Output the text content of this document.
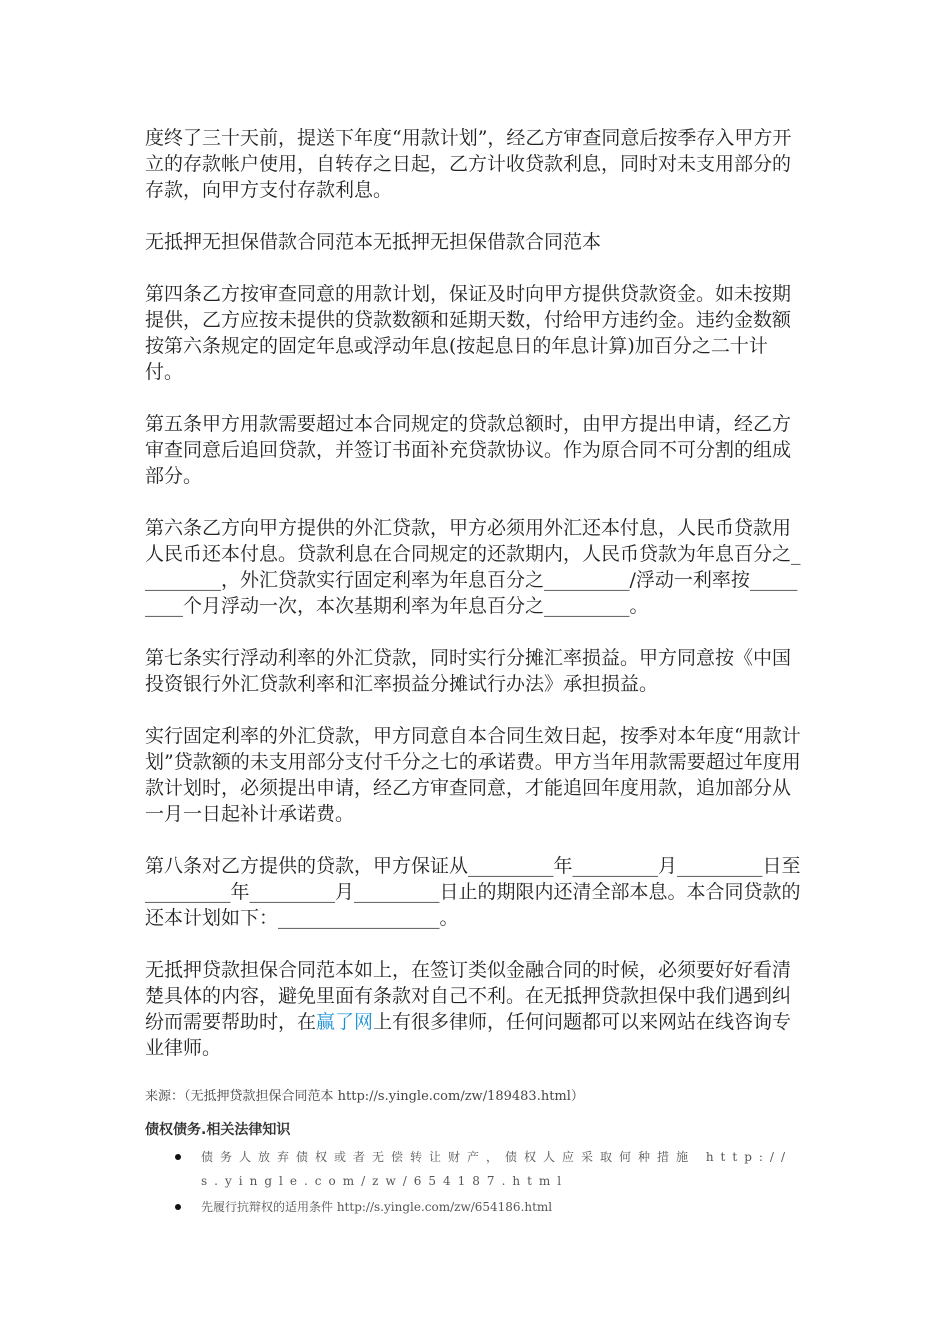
度终了三十天前，提送下年度“用款计划”，经乙方审查同意后按季存入甲方开立的存款帐户使用，自转存之日起，乙方计收贷款利息，同时对未支用部分的存款，向甲方支付存款利息。

无抵押无担保借款合同范本无抵押无担保借款合同范本

第四条乙方按审查同意的用款计划，保证及时向甲方提供贷款资金。如未按期提供，乙方应按未提供的贷款数额和延期天数，付给甲方违约金。违约金数额按第六条规定的固定年息或浮动年息(按起息日的年息计算)加百分之二十计付。

第五条甲方用款需要超过本合同规定的贷款总额时，由甲方提出申请，经乙方审查同意后追回贷款，并签订书面补充贷款协议。作为原合同不可分割的组成部分。

第六条乙方向甲方提供的外汇贷款，甲方必须用外汇还本付息，人民币贷款用人民币还本付息。贷款利息在合同规定的还款期内，人民币贷款为年息百分之_________，外汇贷款实行固定利率为年息百分之_________/浮动一利率按_________个月浮动一次，本次基期利率为年息百分之_________。

第七条实行浮动利率的外汇贷款，同时实行分摊汇率损益。甲方同意按《中国投资银行外汇贷款利率和汇率损益分摊试行办法》承担损益。

实行固定利率的外汇贷款，甲方同意自本合同生效日起，按季对本年度“用款计划”贷款额的未支用部分支付千分之七的承诺费。甲方当年用款需要超过年度用款计划时，必须提出申请，经乙方审查同意，才能追回年度用款，追加部分从一月一日起补计承诺费。

第八条对乙方提供的贷款，甲方保证从_________年_________月_________日至_________年_________月_________日止的期限内还清全部本息。本合同贷款的还本计划如下：_________________。

无抵押贷款担保合同范本如上，在签订类似金融合同的时候，必须要好好看清楚具体的内容，避免里面有条款对自己不利。在无抵押贷款担保中我们遇到纠纷而需要帮助时，在赢了网上有很多律师，任何问题都可以来网站在线咨询专业律师。

来源：（无抵押贷款担保合同范本 http://s.yingle.com/zw/189483.html）
债权债务.相关法律知识
债务人放弃债权或者无偿转让财产，债权人应采取何种措施 http://s.yingle.com/zw/654187.html
先履行抗辩权的适用条件 http://s.yingle.com/zw/654186.html
